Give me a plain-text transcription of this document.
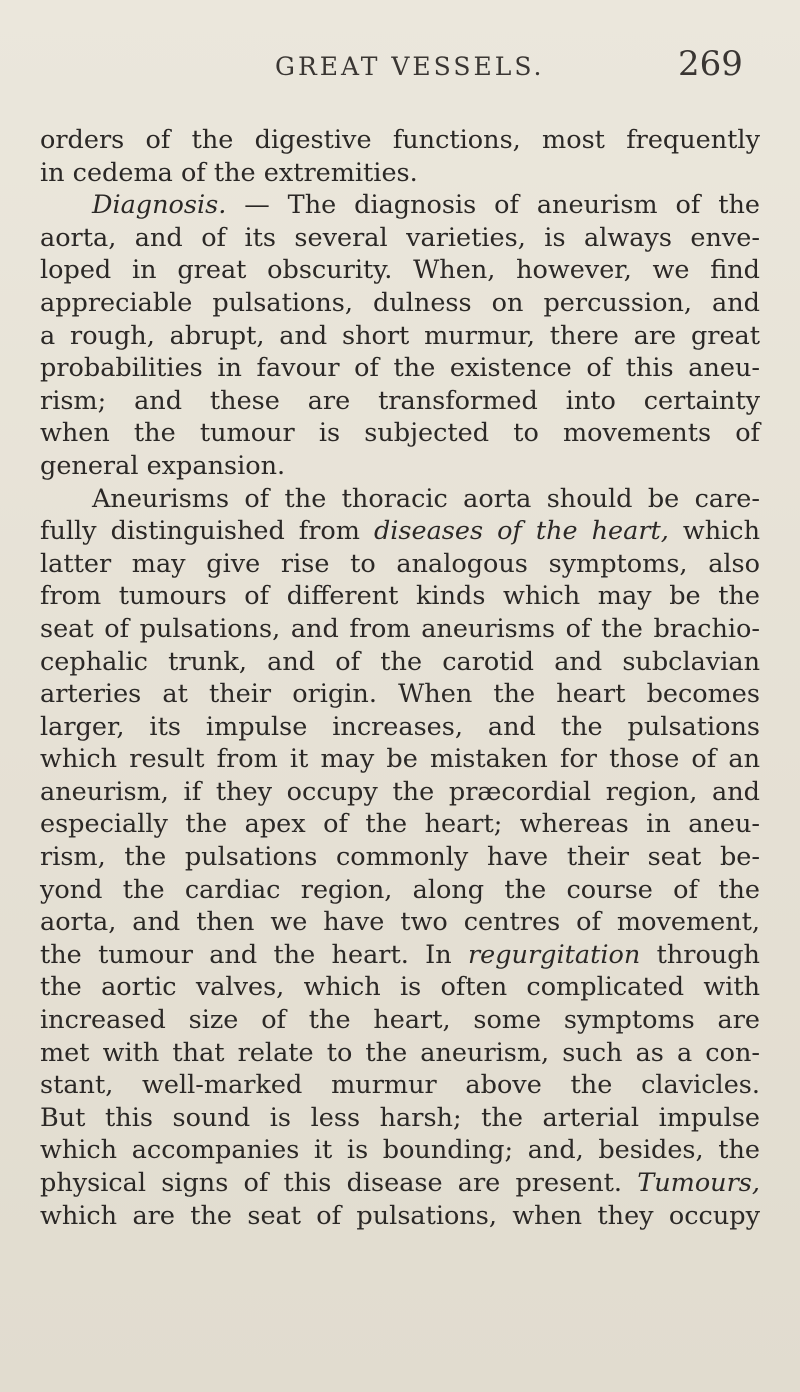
GREAT VESSELS.	269
orders of the digestive functions, most frequently
in cedema of the extremities.
Diagnosis. — The diagnosis of aneurism of the
aorta, and of its several varieties, is always enve-
loped in great obscurity. When, however, we find
appreciable pulsations, dulness on percussion, and
a rough, abrupt, and short murmur, there are great
probabilities in favour of the existence of this aneu-
rism; and these are transformed into certainty
when the tumour is subjected to movements of
general expansion.
Aneurisms of the thoracic aorta should be care-
fully distinguished from diseases of the heart, which
latter may give rise to analogous symptoms, also
from tumours of different kinds which may be the
seat of pulsations, and from aneurisms of the brachio-
cephalic trunk, and of the carotid and subclavian
arteries at their origin. When the heart becomes
larger, its impulse increases, and the pulsations
which result from it may be mistaken for those of an
aneurism, if they occupy the præcordial region, and
especially the apex of the heart; whereas in aneu-
rism, the pulsations commonly have their seat be-
yond the cardiac region, along the course of the
aorta, and then we have two centres of movement,
the tumour and the heart. In regurgitation through
the aortic valves, which is often complicated with
increased size of the heart, some symptoms are
met with that relate to the aneurism, such as a con-
stant, well-marked murmur above the clavicles.
But this sound is less harsh; the arterial impulse
which accompanies it is bounding; and, besides, the
physical signs of this disease are present. Tumours,
which are the seat of pulsations, when they occupy
